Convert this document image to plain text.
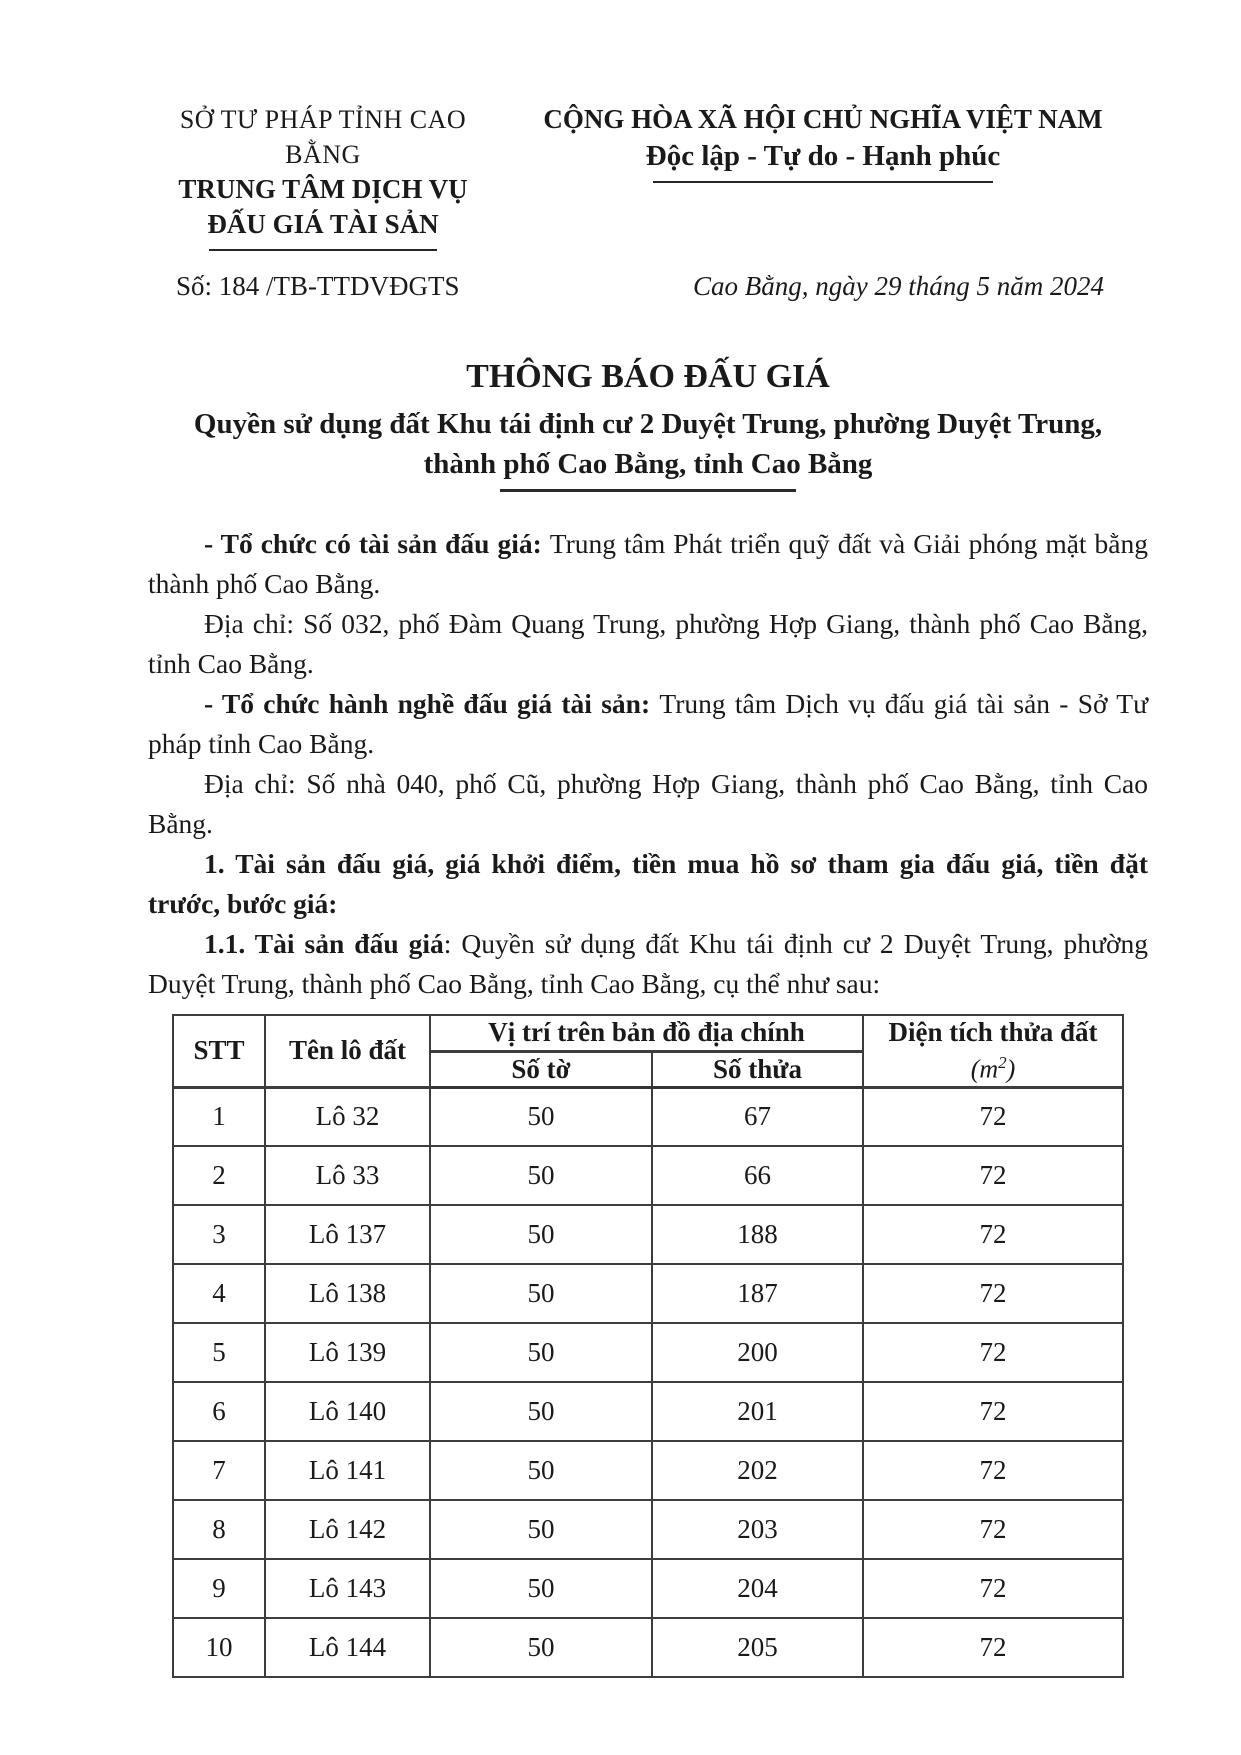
SỞ TƯ PHÁP TỈNH CAO BẰNG
TRUNG TÂM DỊCH VỤ
ĐẤU GIÁ TÀI SẢN
CỘNG HÒA XÃ HỘI CHỦ NGHĨA VIỆT NAM
Độc lập - Tự do - Hạnh phúc
Số: 184 /TB-TTDVĐGTS	Cao Bằng, ngày 29 tháng 5 năm 2024
THÔNG BÁO ĐẤU GIÁ
Quyền sử dụng đất Khu tái định cư 2 Duyệt Trung, phường Duyệt Trung,
thành phố Cao Bằng, tỉnh Cao Bằng

- Tổ chức có tài sản đấu giá: Trung tâm Phát triển quỹ đất và Giải phóng mặt bằng thành phố Cao Bằng.

Địa chỉ: Số 032, phố Đàm Quang Trung, phường Hợp Giang, thành phố Cao Bằng, tỉnh Cao Bằng.

- Tổ chức hành nghề đấu giá tài sản: Trung tâm Dịch vụ đấu giá tài sản - Sở Tư pháp tỉnh Cao Bằng.

Địa chỉ: Số nhà 040, phố Cũ, phường Hợp Giang, thành phố Cao Bằng, tỉnh Cao Bằng.

1. Tài sản đấu giá, giá khởi điểm, tiền mua hồ sơ tham gia đấu giá, tiền đặt trước, bước giá:

1.1. Tài sản đấu giá: Quyền sử dụng đất Khu tái định cư 2 Duyệt Trung, phường Duyệt Trung, thành phố Cao Bằng, tỉnh Cao Bằng, cụ thể như sau:

STT	Tên lô đất	Vị trí trên bản đồ địa chính		Diện tích thửa đất
$(m^2)$

		Số tờ	Số thửa	
1	Lô 32	50	67	72
2	Lô 33	50	66	72
3	Lô 137	50	188	72
4	Lô 138	50	187	72
5	Lô 139	50	200	72
6	Lô 140	50	201	72
7	Lô 141	50	202	72
8	Lô 142	50	203	72
9	Lô 143	50	204	72
10	Lô 144	50	205	72
